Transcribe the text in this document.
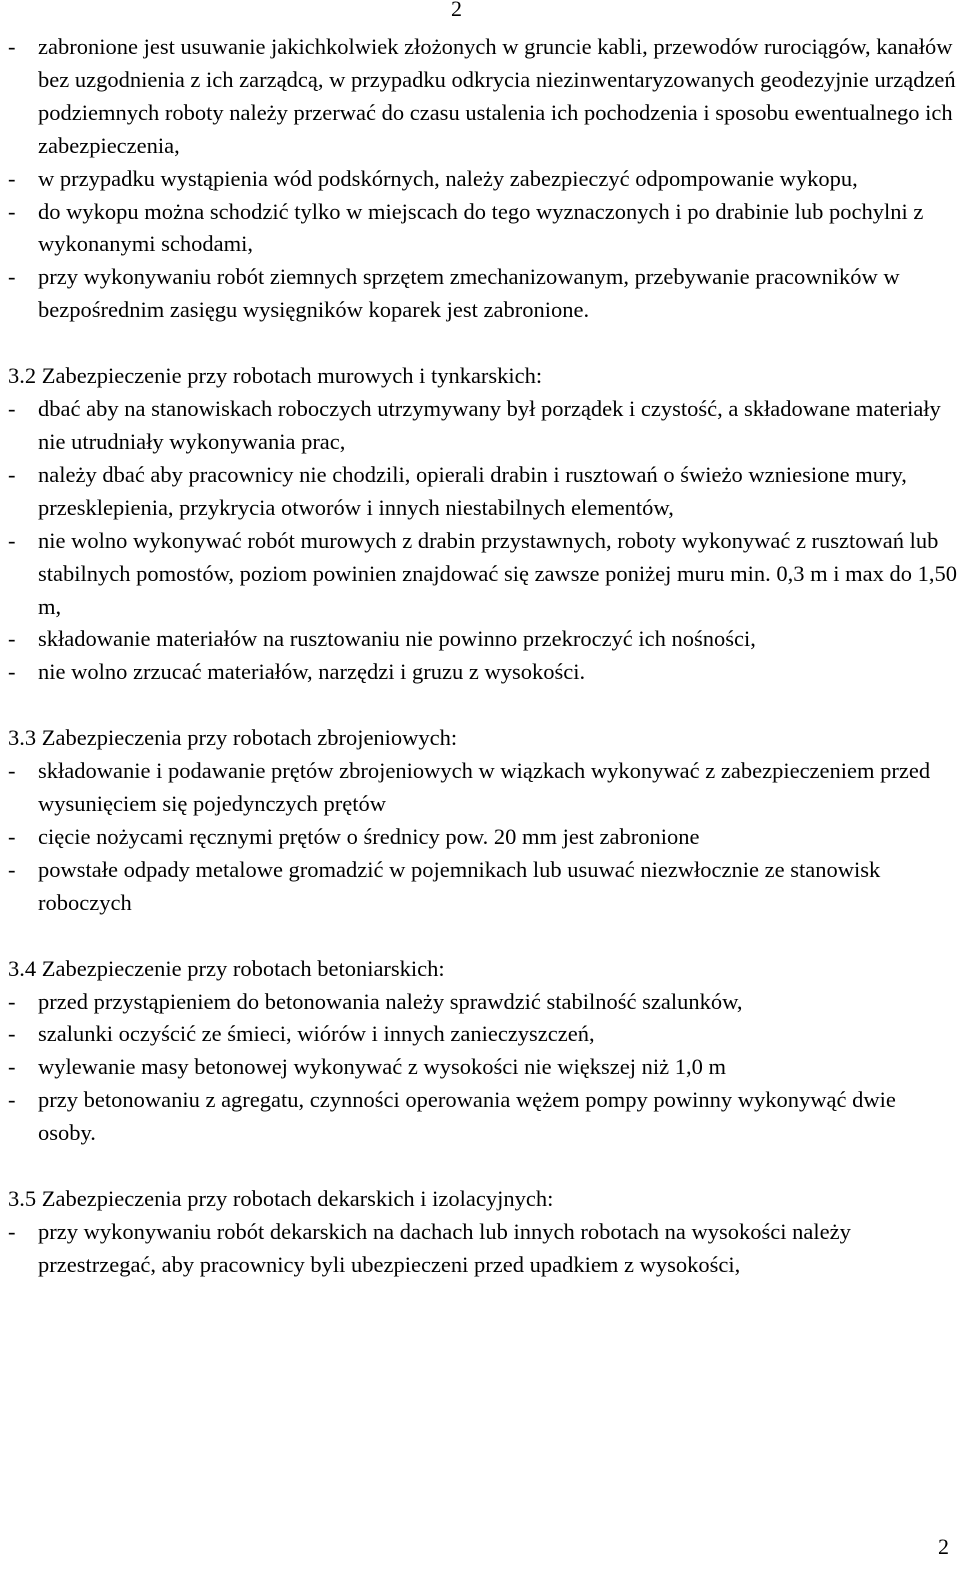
2
- zabronione jest usuwanie jakichkolwiek złożonych w gruncie kabli, przewodów rurociągów, kanałów bez uzgodnienia z ich zarządcą, w przypadku odkrycia niezinwentaryzowanych geodezyjnie urządzeń podziemnych roboty należy przerwać do czasu ustalenia ich pochodzenia i sposobu ewentualnego ich zabezpieczenia,
- w przypadku wystąpienia wód podskórnych, należy zabezpieczyć odpompowanie wykopu,
- do wykopu można schodzić tylko w miejscach do tego wyznaczonych i po drabinie lub pochylni z wykonanymi schodami,
- przy wykonywaniu robót ziemnych sprzętem zmechanizowanym, przebywanie pracowników w bezpośrednim zasięgu wysięgników koparek jest zabronione.
3.2 Zabezpieczenie przy robotach murowych i tynkarskich:
- dbać aby na stanowiskach roboczych utrzymywany był porządek i czystość, a składowane materiały nie utrudniały wykonywania prac,
- należy dbać aby pracownicy nie chodzili, opierali drabin i rusztowań o świeżo wzniesione mury, przesklepienia, przykrycia otworów i innych niestabilnych elementów,
- nie wolno wykonywać robót murowych z drabin przystawnych, roboty wykonywać z rusztowań lub stabilnych pomostów, poziom powinien znajdować się zawsze poniżej muru min. 0,3 m i max do 1,50 m,
- składowanie materiałów na rusztowaniu nie powinno przekroczyć ich nośności,
- nie wolno zrzucać materiałów, narzędzi i gruzu z wysokości.
3.3 Zabezpieczenia przy robotach zbrojeniowych:
- składowanie i podawanie prętów zbrojeniowych w wiązkach wykonywać z zabezpieczeniem przed wysunięciem się pojedynczych prętów
- cięcie nożycami ręcznymi prętów o średnicy pow. 20 mm jest zabronione
- powstałe odpady metalowe gromadzić w pojemnikach lub usuwać niezwłocznie ze stanowisk roboczych
3.4 Zabezpieczenie przy robotach betoniarskich:
- przed przystąpieniem do betonowania należy sprawdzić stabilność szalunków,
- szalunki oczyścić ze śmieci, wiórów i innych zanieczyszczeń,
- wylewanie masy betonowej wykonywać z wysokości nie większej niż 1,0 m
- przy betonowaniu z agregatu, czynności operowania wężem pompy powinny wykonywąć dwie osoby.
3.5 Zabezpieczenia przy robotach dekarskich i izolacyjnych:
- przy wykonywaniu robót dekarskich na dachach lub innych robotach na wysokości należy przestrzegać, aby pracownicy byli ubezpieczeni przed upadkiem z wysokości,
2
